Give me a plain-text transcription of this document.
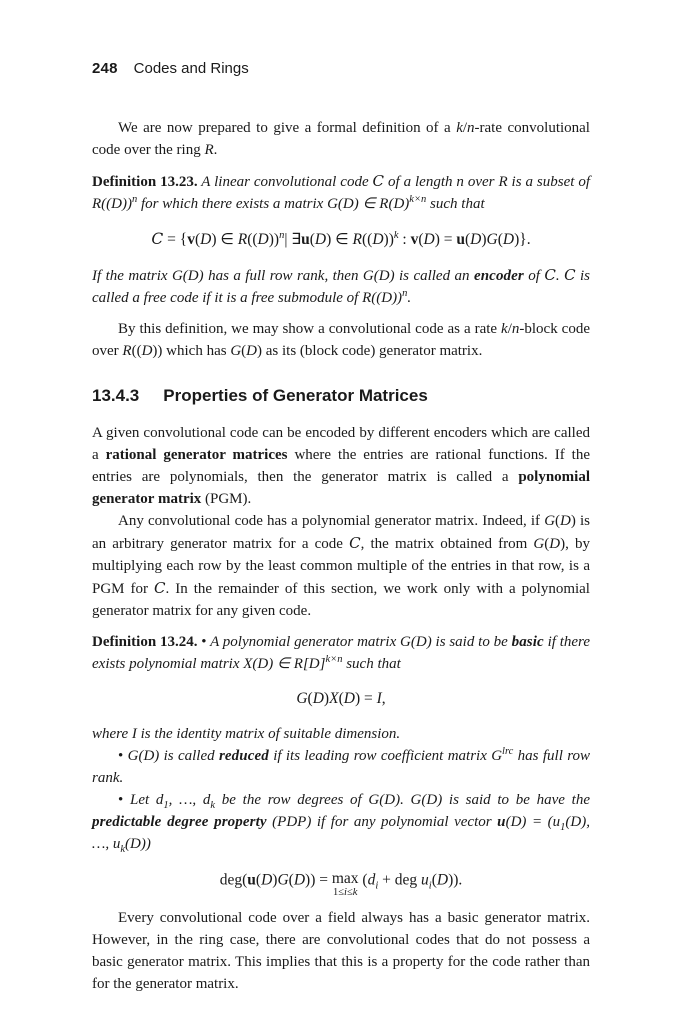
248 Codes and Rings

We are now prepared to give a formal definition of a k/n-rate convolutional code over the ring R.

Definition 13.23. A linear convolutional code C of a length n over R is a subset of $R((D))^n$ for which there exists a matrix G(D) ∈ $R(D)^{k\times n}$ such that

C = {v(D) ∈ $R((D))^n|$ ∃u(D) ∈ $R((D))^k$ : v(D) = u(D)G(D)}.

If the matrix G(D) has a full row rank, then G(D) is called an encoder of C. C is called a free code if it is a free submodule of $R((D))^n$.

By this definition, we may show a convolutional code as a rate k/n-block code over R((D)) which has G(D) as its (block code) generator matrix.

13.4.3 Properties of Generator Matrices

A given convolutional code can be encoded by different encoders which are called a rational generator matrices where the entries are rational functions. If the entries are polynomials, then the generator matrix is called a polynomial generator matrix (PGM).

Any convolutional code has a polynomial generator matrix. Indeed, if G(D) is an arbitrary generator matrix for a code C, the matrix obtained from G(D), by multiplying each row by the least common multiple of the entries in that row, is a PGM for C. In the remainder of this section, we work only with a polynomial generator matrix for any given code.

Definition 13.24. • A polynomial generator matrix G(D) is said to be basic if there exists polynomial matrix X(D) ∈ $R[D]^{k\times n}$ such that

G(D)X(D) = I,

where I is the identity matrix of suitable dimension.

• G(D) is called reduced if its leading row coefficient matrix $G^{lrc}$ has full row rank.

• Let $d_1$, …, $d_k$ be the row degrees of G(D). G(D) is said to be have the predictable degree property (PDP) if for any polynomial vector $u(D) = (u_1(D)$, …, $u_k(D)$)

deg(u(D)G(D)) = max
1≤i≤k
($d_i$ + deg $u_i(D)$).

Every convolutional code over a field always has a basic generator matrix. However, in the ring case, there are convolutional codes that do not possess a basic generator matrix. This implies that this is a property for the code rather than for the generator matrix.
